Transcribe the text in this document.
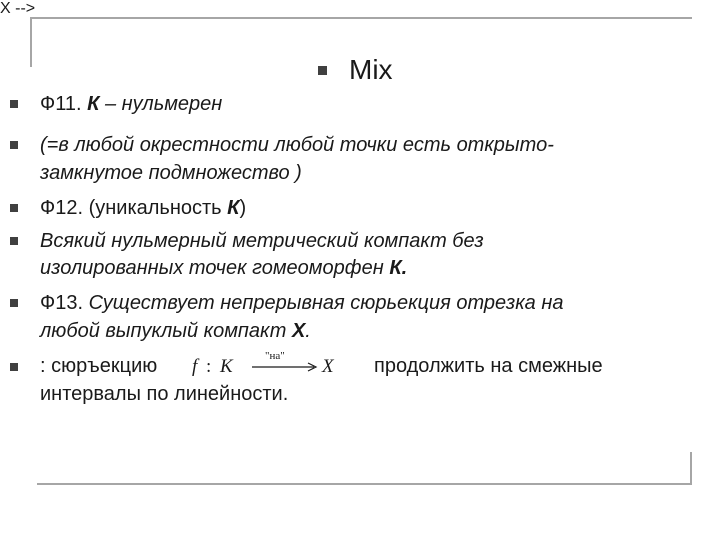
Mix
Ф11. К – нульмерен
(=в любой окрестности любой точки есть открыто-
замкнутое подмножество )
Ф12. (уникальность К)
Всякий нульмерный метрический компакт без
изолированных точек гомеоморфен К.
Ф13. Существует непрерывная сюрьекция отрезка на
любой выпуклый компакт Х.
: сюръекцию	продолжить на смежные
интервалы по линейности.
X -->
f : K	"на" X
